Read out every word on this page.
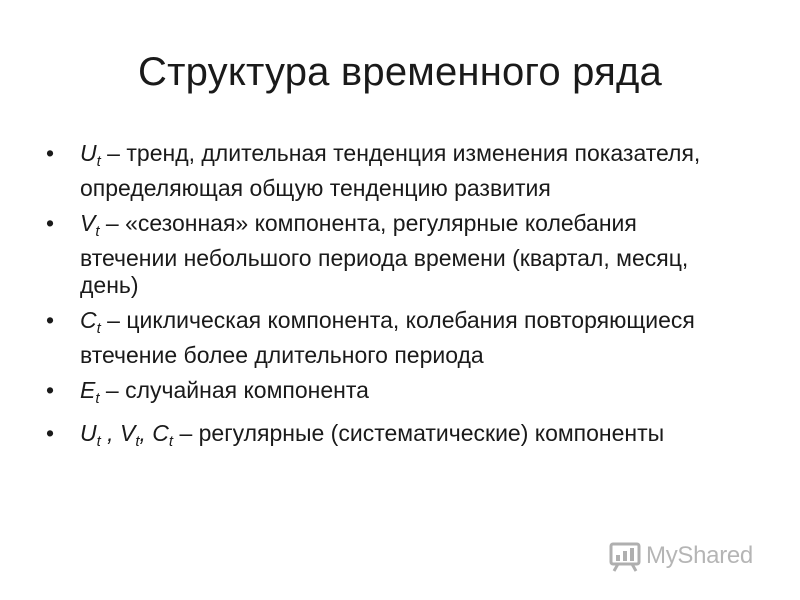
Структура временного ряда
•	$U_t$ – тренд, длительная тенденция изменения показателя, определяющая общую тенденцию развития
•	$V_t$ – «сезонная» компонента, регулярные колебания втечении небольшого периода времени (квартал, месяц, день)
•	$C_t$ – циклическая компонента, колебания повторяющиеся втечение более длительного периода
•	$E_t$ – случайная компонента
•	$U_t$ , $V_t$, $C_t$ – регулярные (систематические) компоненты
MyShared
